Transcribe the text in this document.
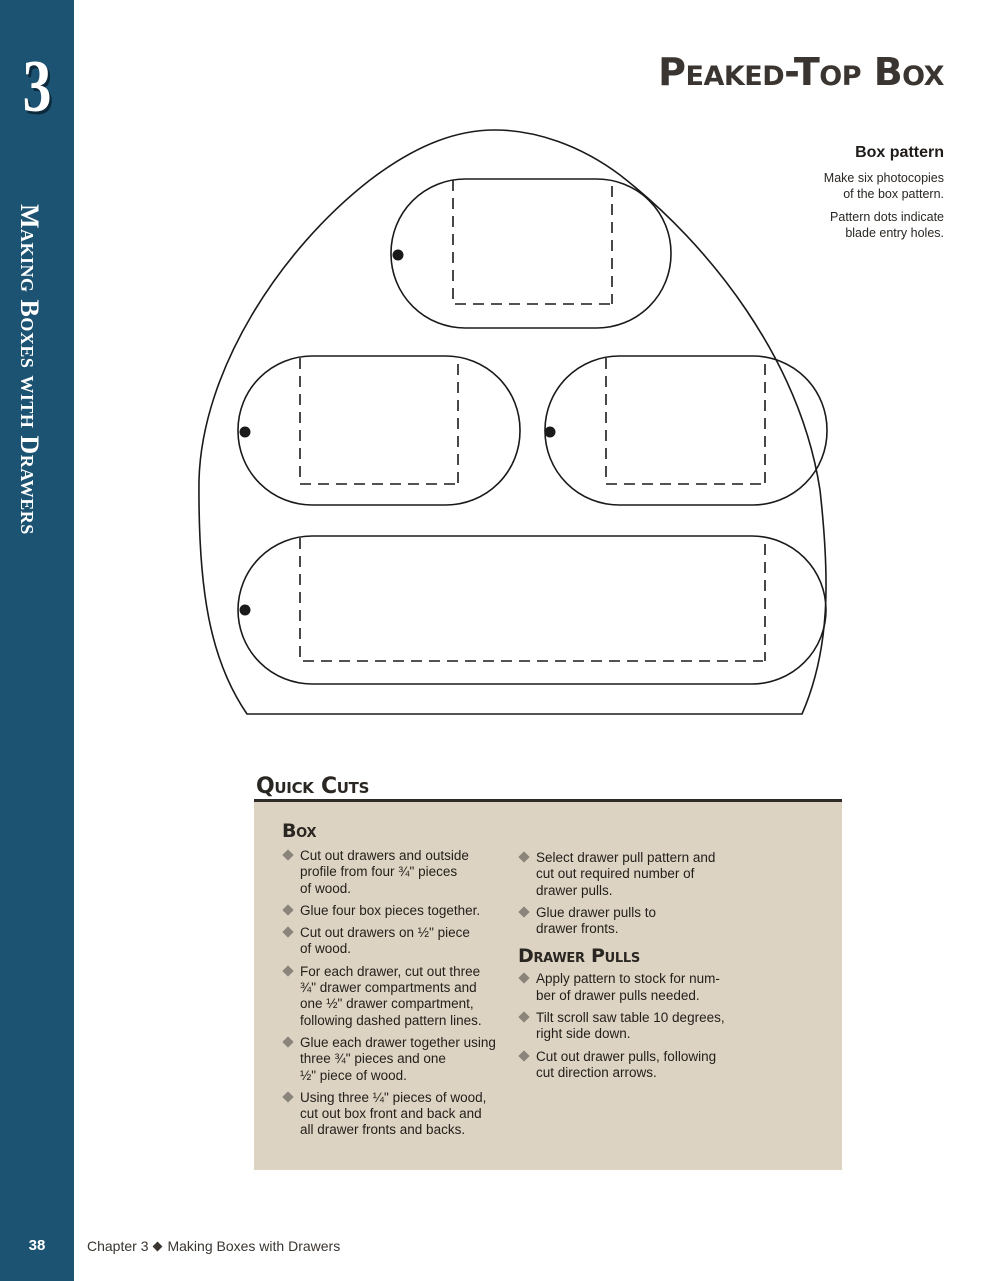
3
Making Boxes with Drawers
Peaked-Top Box
Box pattern
Make six photocopies
of the box pattern.
Pattern dots indicate
blade entry holes.
Quick Cuts
Box
Cut out drawers and outside
profile from four ¾" pieces
of wood.
Glue four box pieces together.
Cut out drawers on ½" piece
of wood.
For each drawer, cut out three
¾" drawer compartments and
one ½" drawer compartment,
following dashed pattern lines.
Glue each drawer together using
three ¾" pieces and one
½" piece of wood.
Using three ¼" pieces of wood,
cut out box front and back and
all drawer fronts and backs.
Select drawer pull pattern and
cut out required number of
drawer pulls.
Glue drawer pulls to
drawer fronts.
Drawer Pulls
Apply pattern to stock for num-
ber of drawer pulls needed.
Tilt scroll saw table 10 degrees,
right side down.
Cut out drawer pulls, following
cut direction arrows.
38	Chapter 3 Making Boxes with Drawers
